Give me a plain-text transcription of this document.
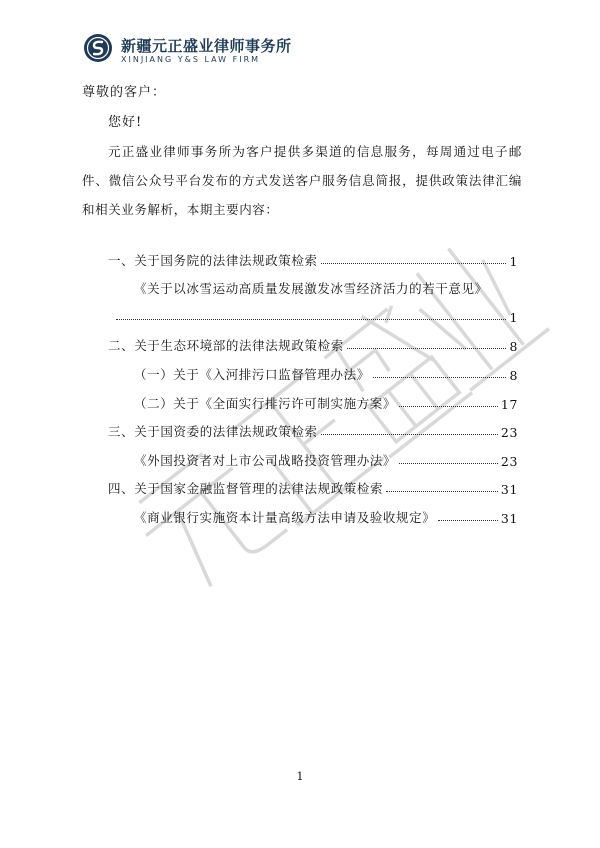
新疆元正盛业律师事务所
XINJIANG Y&S LAW FIRM
尊敬的客户：
您好!
元正盛业律师事务所为客户提供多渠道的信息服务，每周通过电子邮件、微信公众号平台发布的方式发送客户服务信息简报，提供政策法律汇编和相关业务解析，本期主要内容：
一、关于国务院的法律法规政策检索	1
《关于以冰雪运动高质量发展激发冰雪经济活力的若干意见》
1
二、关于生态环境部的法律法规政策检索	8
（一）关于《入河排污口监督管理办法》	8
（二）关于《全面实行排污许可制实施方案》	17
三、关于国资委的法律法规政策检索	23
《外国投资者对上市公司战略投资管理办法》	23
四、关于国家金融监督管理的法律法规政策检索	31
《商业银行实施资本计量高级方法申请及验收规定》	31
1
